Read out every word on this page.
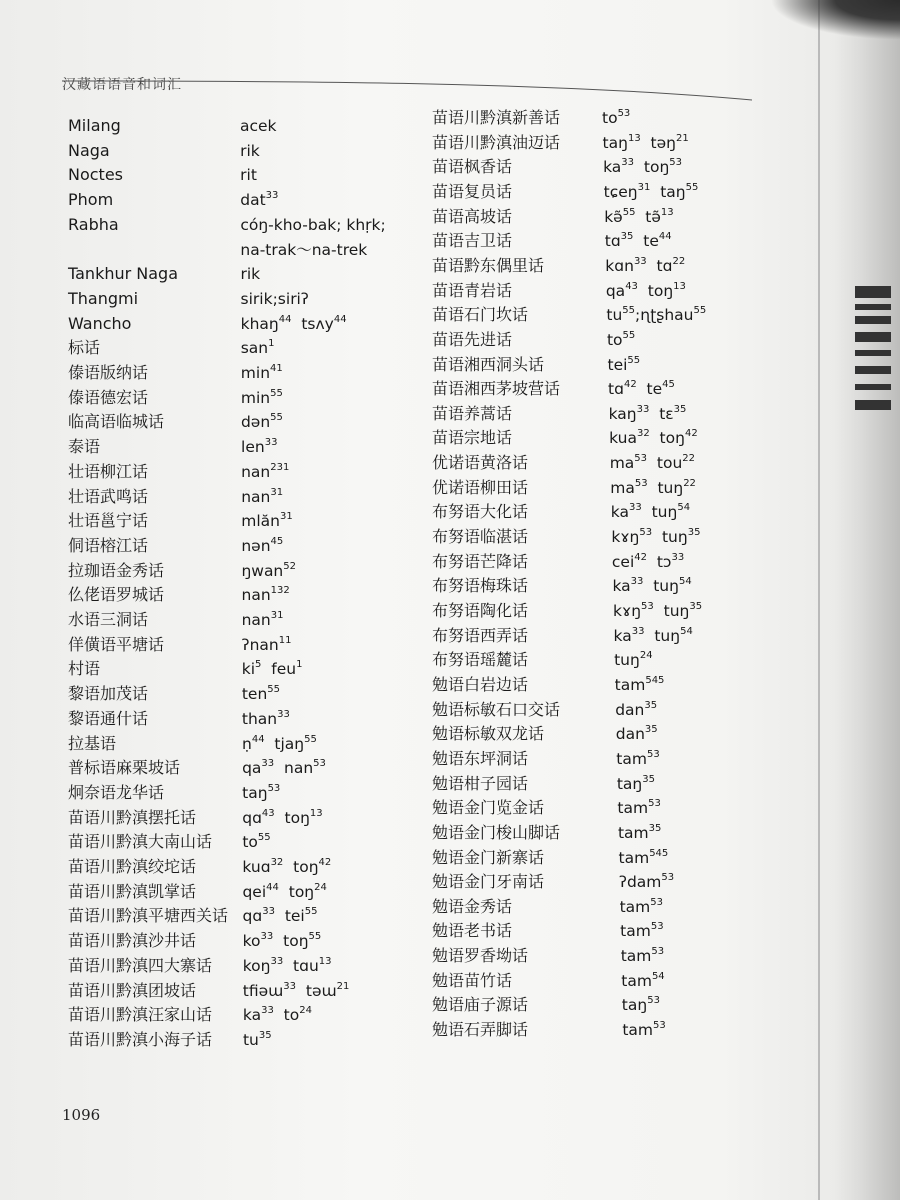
汉藏语语音和词汇
Milang	acek
Naga	rik
Noctes	rit
Phom	dat$^{33}$
Rabha	cóŋ-kho-bak; khṛk;
na-trak～na-trek
Tankhur Naga	rik
Thangmi	sirik;siriʔ
Wancho	khaŋ$^{44}$  tsʌy$^{44}$
标话	san$^1$
傣语版纳话	$\min^{41}$
傣语德宏话	$\min^{55}$
临高语临城话	dən$^{55}$
泰语	len$^{33}$
壮语柳江话	nan$^{231}$
壮语武鸣话	nan$^{31}$
壮语邕宁话	mlăn$^{31}$
侗语榕江话	nən$^{45}$
拉珈语金秀话	ŋwan$^{52}$
仫佬语罗城话	nan$^{132}$
水语三洞话	nan$^{31}$
佯僙语平塘话	ʔnan$^{11}$
村语	$ki^5$  feu$^1$
黎语加茂话	ten$^{55}$
黎语通什话	than$^{33}$
拉基语	ṇ$^{44}$  tjaŋ$^{55}$
普标语麻栗坡话	$qa^{33}$  nan$^{53}$
炯奈语龙华话	taŋ$^{53}$
苗语川黔滇摆托话	qɑ$^{43}$  toŋ$^{13}$
苗语川黔滇大南山话 $to^{55}$
苗语川黔滇绞坨话	kuɑ$^{32}$  toŋ$^{42}$
苗语川黔滇凯掌话	qei$^{44}$  toŋ$^{24}$
苗语川黔滇平塘西关话 qɑ$^{33}$  tei$^{55}$
苗语川黔滇沙井话	$ko^{33}$  toŋ$^{55}$
苗语川黔滇四大寨话 koŋ$^{33}$  tɑu$^{13}$
苗语川黔滇团坡话	tfiəɯ$^{33}$  təɯ$^{21}$
苗语川黔滇汪家山话 $ka^{33}$  $to^{24}$
苗语川黔滇小海子话 $tu^{35}$
苗语川黔滇新善话	$to^{53}$
苗语川黔滇油迈话	taŋ$^{13}$  təŋ$^{21}$
苗语枫香话	$ka^{33}$  toŋ$^{53}$
苗语复员话	tɕeŋ$^{31}$  taŋ$^{55}$
苗语高坡话	kə̃$^{55}$  tə̃$^{13}$
苗语吉卫话	tɑ$^{35}$  $te^{44}$
苗语黔东偶里话	kɑn$^{33}$  tɑ$^{22}$
苗语青岩话	$qa^{43}$  toŋ$^{13}$
苗语石门坎话	$tu^{55};ɳʈʂhau^{55}$
苗语先进话	$to^{55}$
苗语湘西洞头话	tei$^{55}$
苗语湘西茅坡营话	tɑ$^{42}$  $te^{45}$
苗语养蒿话	kaŋ$^{33}$  tɛ$^{35}$
苗语宗地话	kua$^{32}$  toŋ$^{42}$
优诺语黄洛话	$ma^{53}$  tou$^{22}$
优诺语柳田话	$ma^{53}$  tuŋ$^{22}$
布努语大化话	$ka^{33}$  tuŋ$^{54}$
布努语临湛话	kɤŋ$^{53}$  tuŋ$^{35}$
布努语芒降话	cei$^{42}$  tɔ$^{33}$
布努语梅珠话	$ka^{33}$  tuŋ$^{54}$
布努语陶化话	kɤŋ$^{53}$  tuŋ$^{35}$
布努语西弄话	$ka^{33}$  tuŋ$^{54}$
布努语瑶麓话	tuŋ$^{24}$
勉语白岩边话	tam$^{545}$
勉语标敏石口交话	dan$^{35}$
勉语标敏双龙话	dan$^{35}$
勉语东坪洞话	tam$^{53}$
勉语柑子园话	taŋ$^{35}$
勉语金门览金话	tam$^{53}$
勉语金门梭山脚话	tam$^{35}$
勉语金门新寨话	tam$^{545}$
勉语金门牙南话	ʔdam$^{53}$
勉语金秀话	tam$^{53}$
勉语老书话	tam$^{53}$
勉语罗香坳话	tam$^{53}$
勉语苗竹话	tam$^{54}$
勉语庙子源话	taŋ$^{53}$
勉语石弄脚话	tam$^{53}$
1096
